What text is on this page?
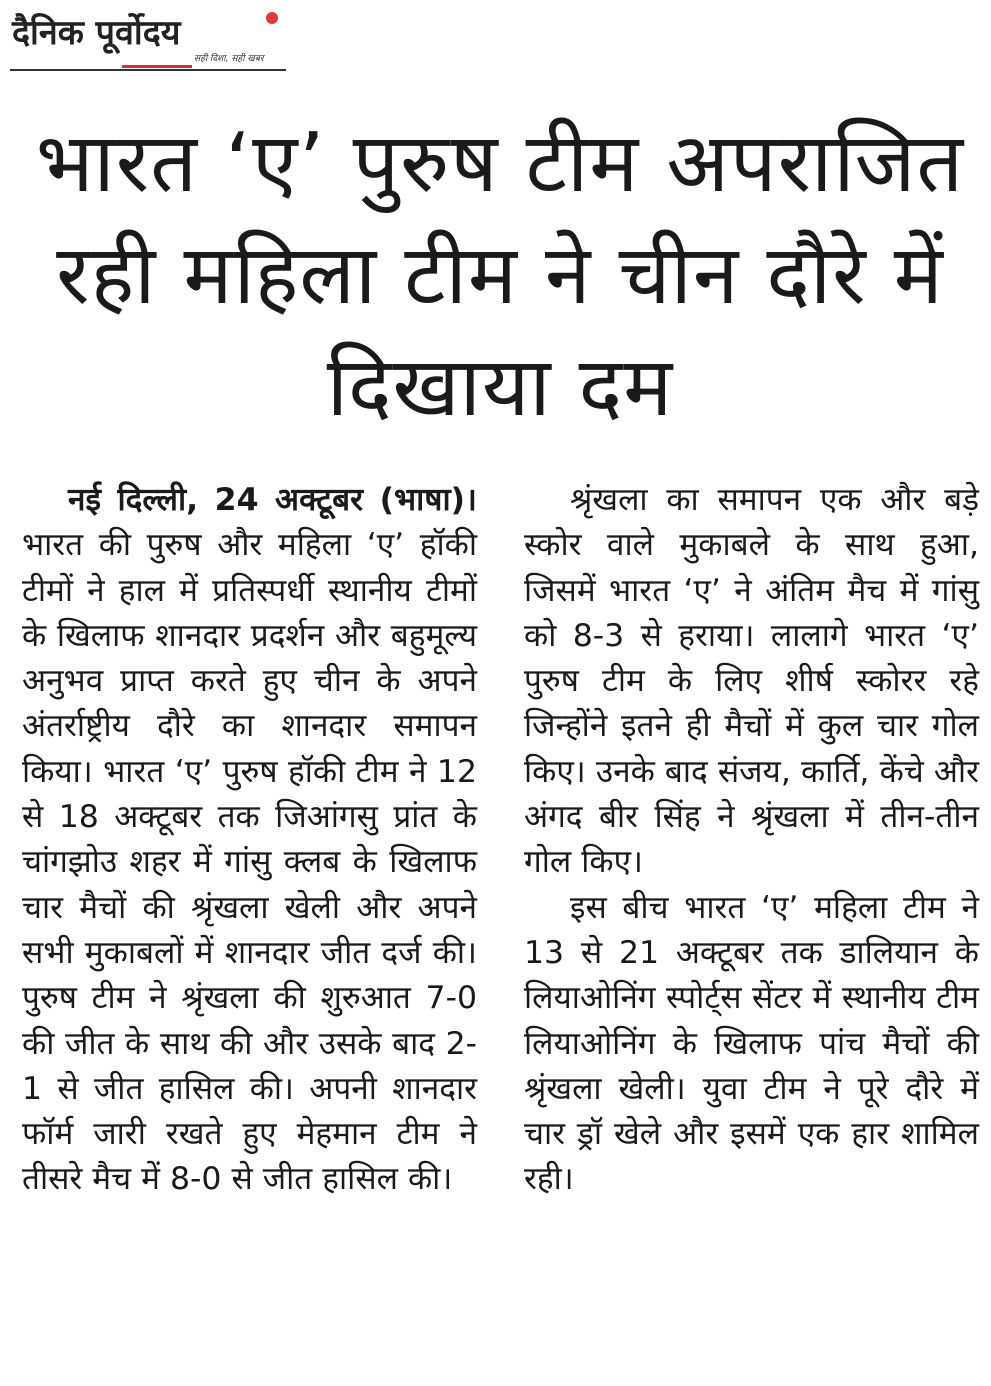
दैनिक पूर्वोदय
सही दिशा, सही खबर
भारत ‘ए’ पुरुष टीम अपराजित रही महिला टीम ने चीन दौरे में दिखाया दम

नई दिल्ली, 24 अक्टूबर (भाषा)। भारत की पुरुष और महिला ‘ए’ हॉकी टीमों ने हाल में प्रतिस्पर्धी स्थानीय टीमों के खिलाफ शानदार प्रदर्शन और बहुमूल्य अनुभव प्राप्त करते हुए चीन के अपने अंतर्राष्ट्रीय दौरे का शानदार समापन किया। भारत ‘ए’ पुरुष हॉकी टीम ने 12 से 18 अक्टूबर तक जिआंगसु प्रांत के चांगझोउ शहर में गांसु क्लब के खिलाफ चार मैचों की श्रृंखला खेली और अपने सभी मुकाबलों में शानदार जीत दर्ज की। पुरुष टीम ने श्रृंखला की शुरुआत 7-0 की जीत के साथ की और उसके बाद 2-1 से जीत हासिल की। अपनी शानदार फॉर्म जारी रखते हुए मेहमान टीम ने तीसरे मैच में 8-0 से जीत हासिल की।

श्रृंखला का समापन एक और बड़े स्कोर वाले मुकाबले के साथ हुआ, जिसमें भारत ‘ए’ ने अंतिम मैच में गांसु को 8-3 से हराया। लालागे भारत ‘ए’ पुरुष टीम के लिए शीर्ष स्कोरर रहे जिन्होंने इतने ही मैचों में कुल चार गोल किए। उनके बाद संजय, कार्ति, केंचे और अंगद बीर सिंह ने श्रृंखला में तीन-तीन गोल किए।

इस बीच भारत ‘ए’ महिला टीम ने 13 से 21 अक्टूबर तक डालियान के लियाओनिंग स्पोर्ट्स सेंटर में स्थानीय टीम लियाओनिंग के खिलाफ पांच मैचों की श्रृंखला खेली। युवा टीम ने पूरे दौरे में चार ड्रॉ खेले और इसमें एक हार शामिल रही।
